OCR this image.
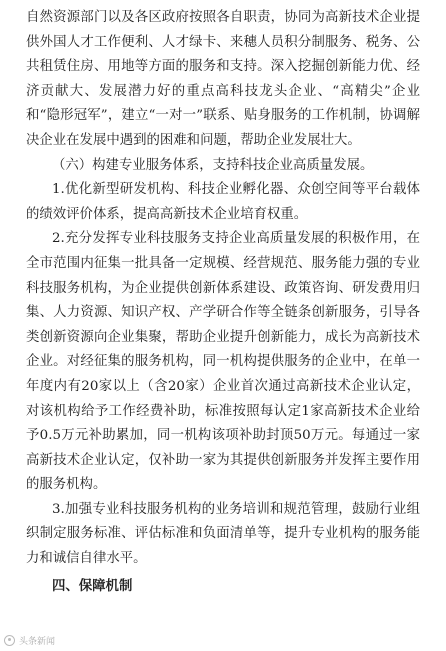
自然资源部门以及各区政府按照各自职责，协同为高新技术企业提供外国人才工作便利、人才绿卡、来穗人员积分制服务、税务、公共租赁住房、用地等方面的服务和支持。深入挖掘创新能力优、经济贡献大、发展潜力好的重点高科技龙头企业、“高精尖”企业和“隐形冠军”，建立“一对一”联系、贴身服务的工作机制，协调解决企业在发展中遇到的困难和问题，帮助企业发展壮大。

（六）构建专业服务体系，支持科技企业高质量发展。

1.优化新型研发机构、科技企业孵化器、众创空间等平台载体的绩效评价体系，提高高新技术企业培育权重。

2.充分发挥专业科技服务支持企业高质量发展的积极作用，在全市范围内征集一批具备一定规模、经营规范、服务能力强的专业科技服务机构，为企业提供创新体系建设、政策咨询、研发费用归集、人力资源、知识产权、产学研合作等全链条创新服务，引导各类创新资源向企业集聚，帮助企业提升创新能力，成长为高新技术企业。对经征集的服务机构，同一机构提供服务的企业中，在单一年度内有20家以上（含20家）企业首次通过高新技术企业认定，对该机构给予工作经费补助，标准按照每认定1家高新技术企业给予0.5万元补助累加，同一机构该项补助封顶50万元。每通过一家高新技术企业认定，仅补助一家为其提供创新服务并发挥主要作用的服务机构。

3.加强专业科技服务机构的业务培训和规范管理，鼓励行业组织制定服务标准、评估标准和负面清单等，提升专业机构的服务能力和诚信自律水平。

四、保障机制

头条新闻
